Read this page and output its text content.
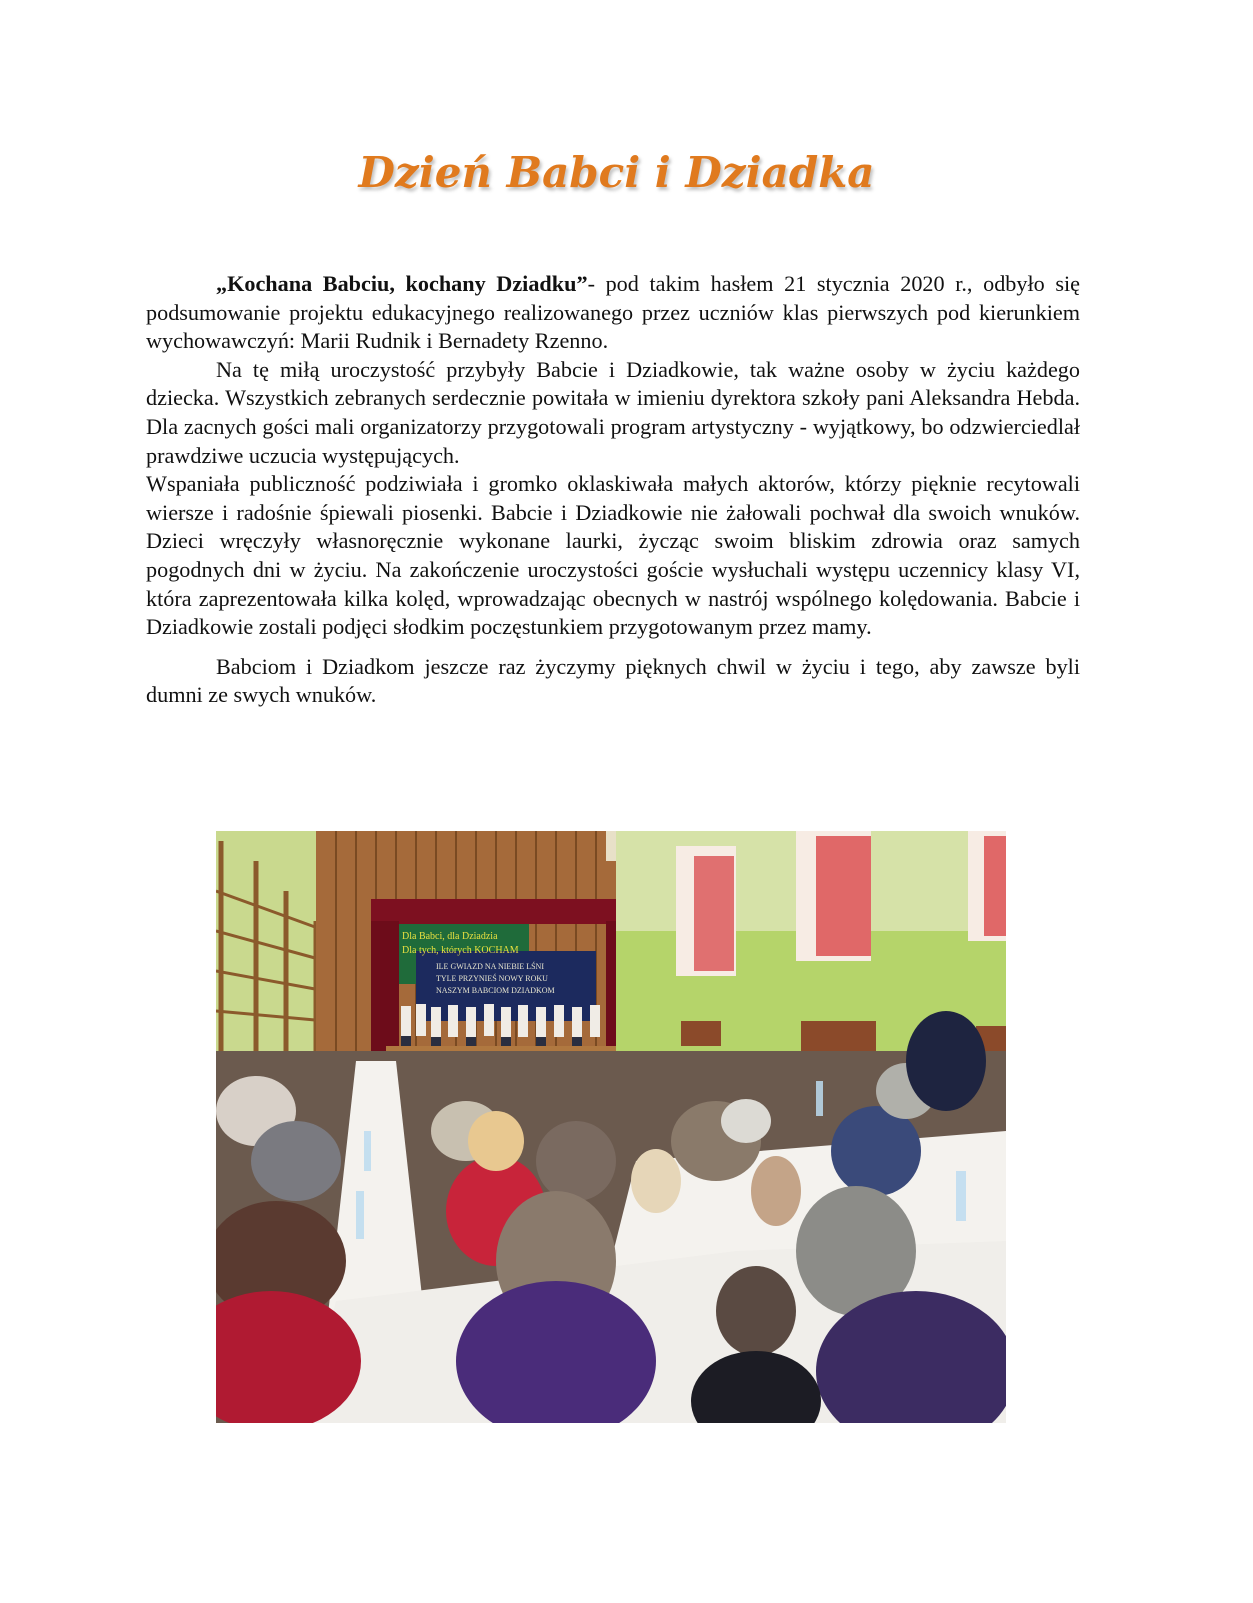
Dzień Babci i Dziadka

„Kochana Babciu, kochany Dziadku”- pod takim hasłem 21 stycznia 2020 r., odbyło się podsumowanie projektu edukacyjnego realizowanego przez uczniów klas pierwszych pod kierunkiem wychowawczyń: Marii Rudnik i Bernadety Rzenno.

Na tę miłą uroczystość przybyły Babcie i Dziadkowie, tak ważne osoby w życiu każdego dziecka. Wszystkich zebranych serdecznie powitała w imieniu dyrektora szkoły pani Aleksandra Hebda. Dla zacnych gości mali organizatorzy przygotowali program artystyczny - wyjątkowy, bo odzwierciedlał prawdziwe uczucia występujących.

Wspaniała publiczność podziwiała i gromko oklaskiwała małych aktorów, którzy pięknie recytowali wiersze i radośnie śpiewali piosenki. Babcie i Dziadkowie nie żałowali pochwał dla swoich wnuków. Dzieci wręczyły własnoręcznie wykonane laurki, życząc swoim bliskim zdrowia oraz samych pogodnych dni w życiu. Na zakończenie uroczystości goście wysłuchali występu uczennicy klasy VI, która zaprezentowała kilka kolęd, wprowadzając obecnych w nastrój wspólnego kolędowania. Babcie i Dziadkowie zostali podjęci słodkim poczęstunkiem przygotowanym przez mamy.

Babciom i Dziadkom jeszcze raz życzymy pięknych chwil w życiu i tego, aby zawsze byli dumni ze swych wnuków.

Dla Babci, dla Dziadzia
Dla tych, których KOCHAM
ILE GWIAZD NA NIEBIE LŚNI
TYLE PRZYNIEŚ NOWY ROKU
NASZYM BABCIOM DZIADKOM
